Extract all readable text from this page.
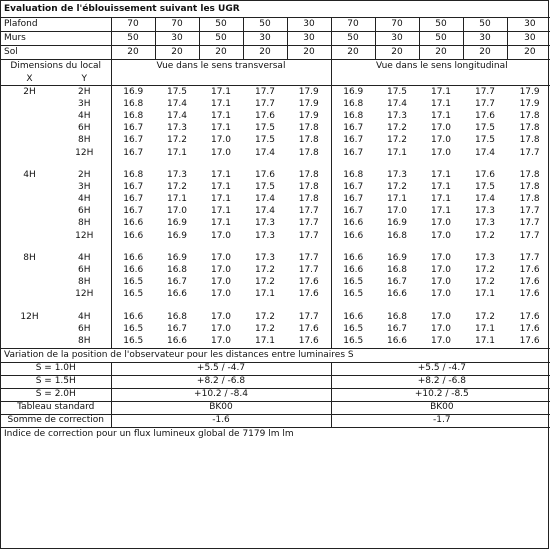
Evaluation de l'éblouissement suivant les UGR											
Plafond		70	70	50	50	30	70	70	50	50	30
Murs		50	30	50	30	30	50	30	50	30	30
Sol		20	20	20	20	20	20	20	20	20	20
Dimensions du local		Vue dans le sens transversal					Vue dans le sens longitudinal				
X	Y										
2H	2H	16.9	17.5	17.1	17.7	17.9	16.9	17.5	17.1	17.7	17.9
	3H	16.8	17.4	17.1	17.7	17.9	16.8	17.4	17.1	17.7	17.9
	4H	16.8	17.4	17.1	17.6	17.9	16.8	17.3	17.1	17.6	17.8
	6H	16.7	17.3	17.1	17.5	17.8	16.7	17.2	17.0	17.5	17.8
	8H	16.7	17.2	17.0	17.5	17.8	16.7	17.2	17.0	17.5	17.8
	12H	16.7	17.1	17.0	17.4	17.8	16.7	17.1	17.0	17.4	17.7

4H	2H	16.8	17.3	17.1	17.6	17.8	16.8	17.3	17.1	17.6	17.8
	3H	16.7	17.2	17.1	17.5	17.8	16.7	17.2	17.1	17.5	17.8
	4H	16.7	17.1	17.1	17.4	17.8	16.7	17.1	17.1	17.4	17.8
	6H	16.7	17.0	17.1	17.4	17.7	16.7	17.0	17.1	17.3	17.7
	8H	16.6	16.9	17.1	17.3	17.7	16.6	16.9	17.0	17.3	17.7
	12H	16.6	16.9	17.0	17.3	17.7	16.6	16.8	17.0	17.2	17.7

8H	4H	16.6	16.9	17.0	17.3	17.7	16.6	16.9	17.0	17.3	17.7
	6H	16.6	16.8	17.0	17.2	17.7	16.6	16.8	17.0	17.2	17.6
	8H	16.5	16.7	17.0	17.2	17.6	16.5	16.7	17.0	17.2	17.6
	12H	16.5	16.6	17.0	17.1	17.6	16.5	16.6	17.0	17.1	17.6

12H	4H	16.6	16.8	17.0	17.2	17.7	16.6	16.8	17.0	17.2	17.6
	6H	16.5	16.7	17.0	17.2	17.6	16.5	16.7	17.0	17.1	17.6
	8H	16.5	16.6	17.0	17.1	17.6	16.5	16.6	17.0	17.1	17.6
Variation de la position de l'observateur pour les distances entre luminaires S											
S = 1.0H		+5.5 / -4.7					+5.5 / -4.7				
S = 1.5H		+8.2 / -6.8					+8.2 / -6.8				
S = 2.0H		+10.2 / -8.4					+10.2 / -8.5				
Tableau standard		BK00					BK00				
Somme de correction		-1.6					-1.7				
Indice de correction pour un flux lumineux global de 7179 lm lm											
